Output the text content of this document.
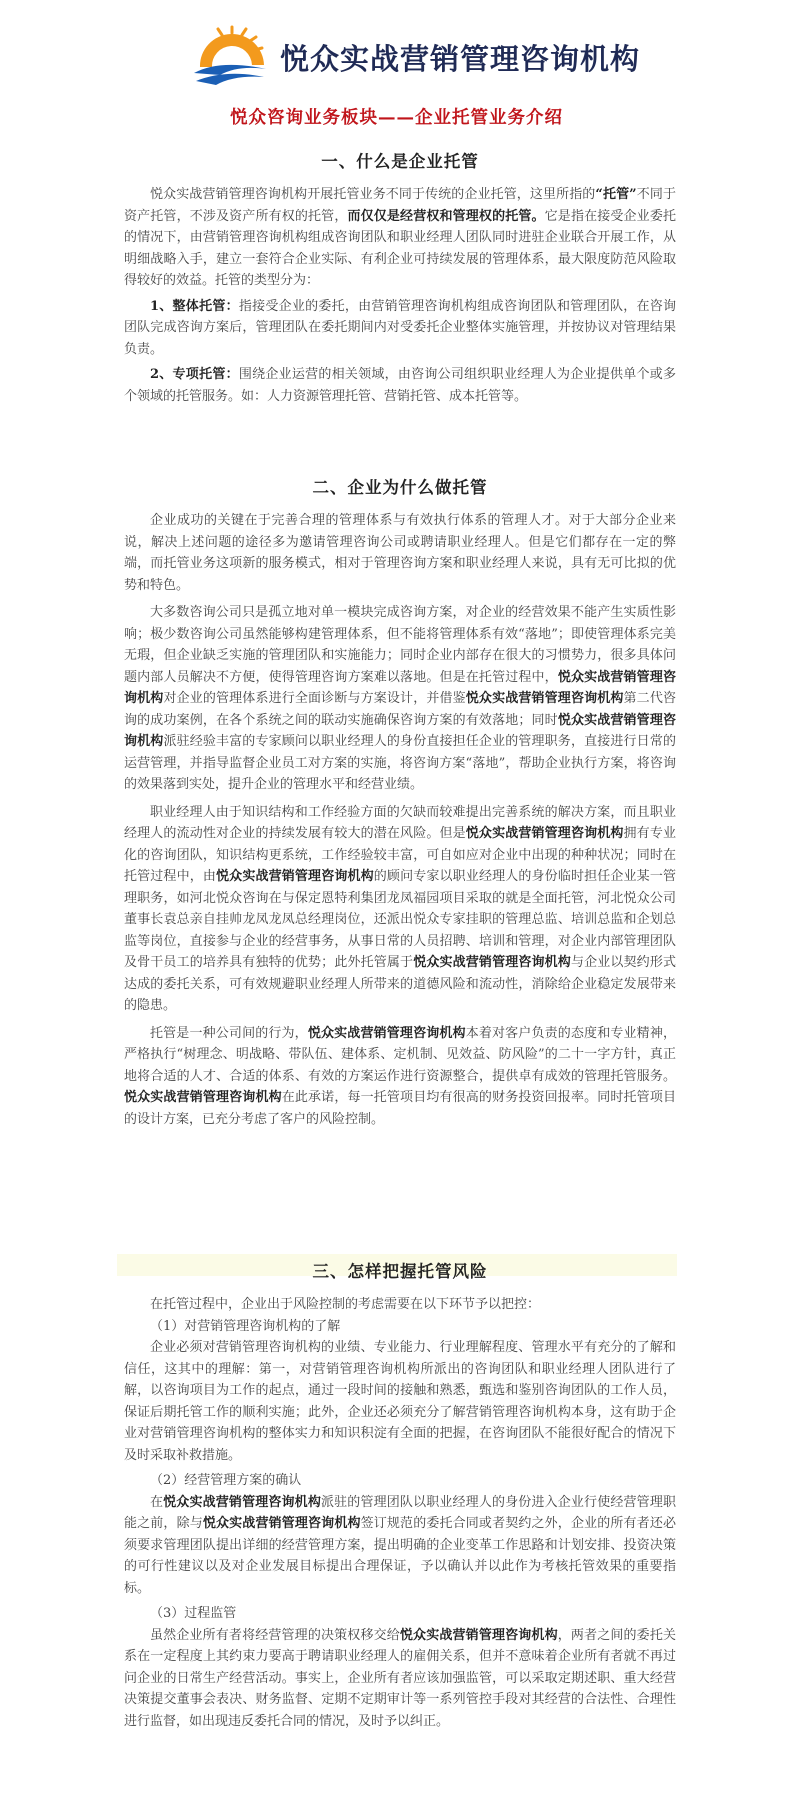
悦众实战营销管理咨询机构
悦众咨询业务板块——企业托管业务介绍
一、什么是企业托管

悦众实战营销管理咨询机构开展托管业务不同于传统的企业托管，这里所指的“托管”不同于资产托管，不涉及资产所有权的托管，而仅仅是经营权和管理权的托管。它是指在接受企业委托的情况下，由营销管理咨询机构组成咨询团队和职业经理人团队同时进驻企业联合开展工作，从明细战略入手，建立一套符合企业实际、有利企业可持续发展的管理体系，最大限度防范风险取得较好的效益。托管的类型分为：

1、整体托管：指接受企业的委托，由营销管理咨询机构组成咨询团队和管理团队，在咨询团队完成咨询方案后，管理团队在委托期间内对受委托企业整体实施管理，并按协议对管理结果负责。

2、专项托管：围绕企业运营的相关领域，由咨询公司组织职业经理人为企业提供单个或多个领域的托管服务。如：人力资源管理托管、营销托管、成本托管等。

二、企业为什么做托管

企业成功的关键在于完善合理的管理体系与有效执行体系的管理人才。对于大部分企业来说，解决上述问题的途径多为邀请管理咨询公司或聘请职业经理人。但是它们都存在一定的弊端，而托管业务这项新的服务模式，相对于管理咨询方案和职业经理人来说，具有无可比拟的优势和特色。

大多数咨询公司只是孤立地对单一模块完成咨询方案，对企业的经营效果不能产生实质性影响；极少数咨询公司虽然能够构建管理体系，但不能将管理体系有效“落地”；即使管理体系完美无瑕，但企业缺乏实施的管理团队和实施能力；同时企业内部存在很大的习惯势力，很多具体问题内部人员解决不方便，使得管理咨询方案难以落地。但是在托管过程中，悦众实战营销管理咨询机构对企业的管理体系进行全面诊断与方案设计，并借鉴悦众实战营销管理咨询机构第二代咨询的成功案例，在各个系统之间的联动实施确保咨询方案的有效落地；同时悦众实战营销管理咨询机构派驻经验丰富的专家顾问以职业经理人的身份直接担任企业的管理职务，直接进行日常的运营管理，并指导监督企业员工对方案的实施，将咨询方案“落地”，帮助企业执行方案，将咨询的效果落到实处，提升企业的管理水平和经营业绩。

职业经理人由于知识结构和工作经验方面的欠缺而较难提出完善系统的解决方案，而且职业经理人的流动性对企业的持续发展有较大的潜在风险。但是悦众实战营销管理咨询机构拥有专业化的咨询团队，知识结构更系统，工作经验较丰富，可自如应对企业中出现的种种状况；同时在托管过程中，由悦众实战营销管理咨询机构的顾问专家以职业经理人的身份临时担任企业某一管理职务，如河北悦众咨询在与保定恩特利集团龙凤福园项目采取的就是全面托管，河北悦众公司董事长袁总亲自挂帅龙凤龙凤总经理岗位，还派出悦众专家挂职的管理总监、培训总监和企划总监等岗位，直接参与企业的经营事务，从事日常的人员招聘、培训和管理，对企业内部管理团队及骨干员工的培养具有独特的优势；此外托管属于悦众实战营销管理咨询机构与企业以契约形式达成的委托关系，可有效规避职业经理人所带来的道德风险和流动性，消除给企业稳定发展带来的隐患。

托管是一种公司间的行为，悦众实战营销管理咨询机构本着对客户负责的态度和专业精神，严格执行“树理念、明战略、带队伍、建体系、定机制、见效益、防风险”的二十一字方针，真正地将合适的人才、合适的体系、有效的方案运作进行资源整合，提供卓有成效的管理托管服务。悦众实战营销管理咨询机构在此承诺，每一托管项目均有很高的财务投资回报率。同时托管项目的设计方案，已充分考虑了客户的风险控制。

三、怎样把握托管风险

在托管过程中，企业出于风险控制的考虑需要在以下环节予以把控：

（1）对营销管理咨询机构的了解

企业必须对营销管理咨询机构的业绩、专业能力、行业理解程度、管理水平有充分的了解和信任，这其中的理解：第一，对营销管理咨询机构所派出的咨询团队和职业经理人团队进行了解，以咨询项目为工作的起点，通过一段时间的接触和熟悉，甄选和鉴别咨询团队的工作人员，保证后期托管工作的顺利实施；此外，企业还必须充分了解营销管理咨询机构本身，这有助于企业对营销管理咨询机构的整体实力和知识积淀有全面的把握，在咨询团队不能很好配合的情况下及时采取补救措施。

（2）经营管理方案的确认

在悦众实战营销管理咨询机构派驻的管理团队以职业经理人的身份进入企业行使经营管理职能之前，除与悦众实战营销管理咨询机构签订规范的委托合同或者契约之外，企业的所有者还必须要求管理团队提出详细的经营管理方案，提出明确的企业变革工作思路和计划安排、投资决策的可行性建议以及对企业发展目标提出合理保证，予以确认并以此作为考核托管效果的重要指标。

（3）过程监管

虽然企业所有者将经营管理的决策权移交给悦众实战营销管理咨询机构，两者之间的委托关系在一定程度上其约束力要高于聘请职业经理人的雇佣关系，但并不意味着企业所有者就不再过问企业的日常生产经营活动。事实上，企业所有者应该加强监管，可以采取定期述职、重大经营决策提交董事会表决、财务监督、定期不定期审计等一系列管控手段对其经营的合法性、合理性进行监督，如出现违反委托合同的情况，及时予以纠正。
